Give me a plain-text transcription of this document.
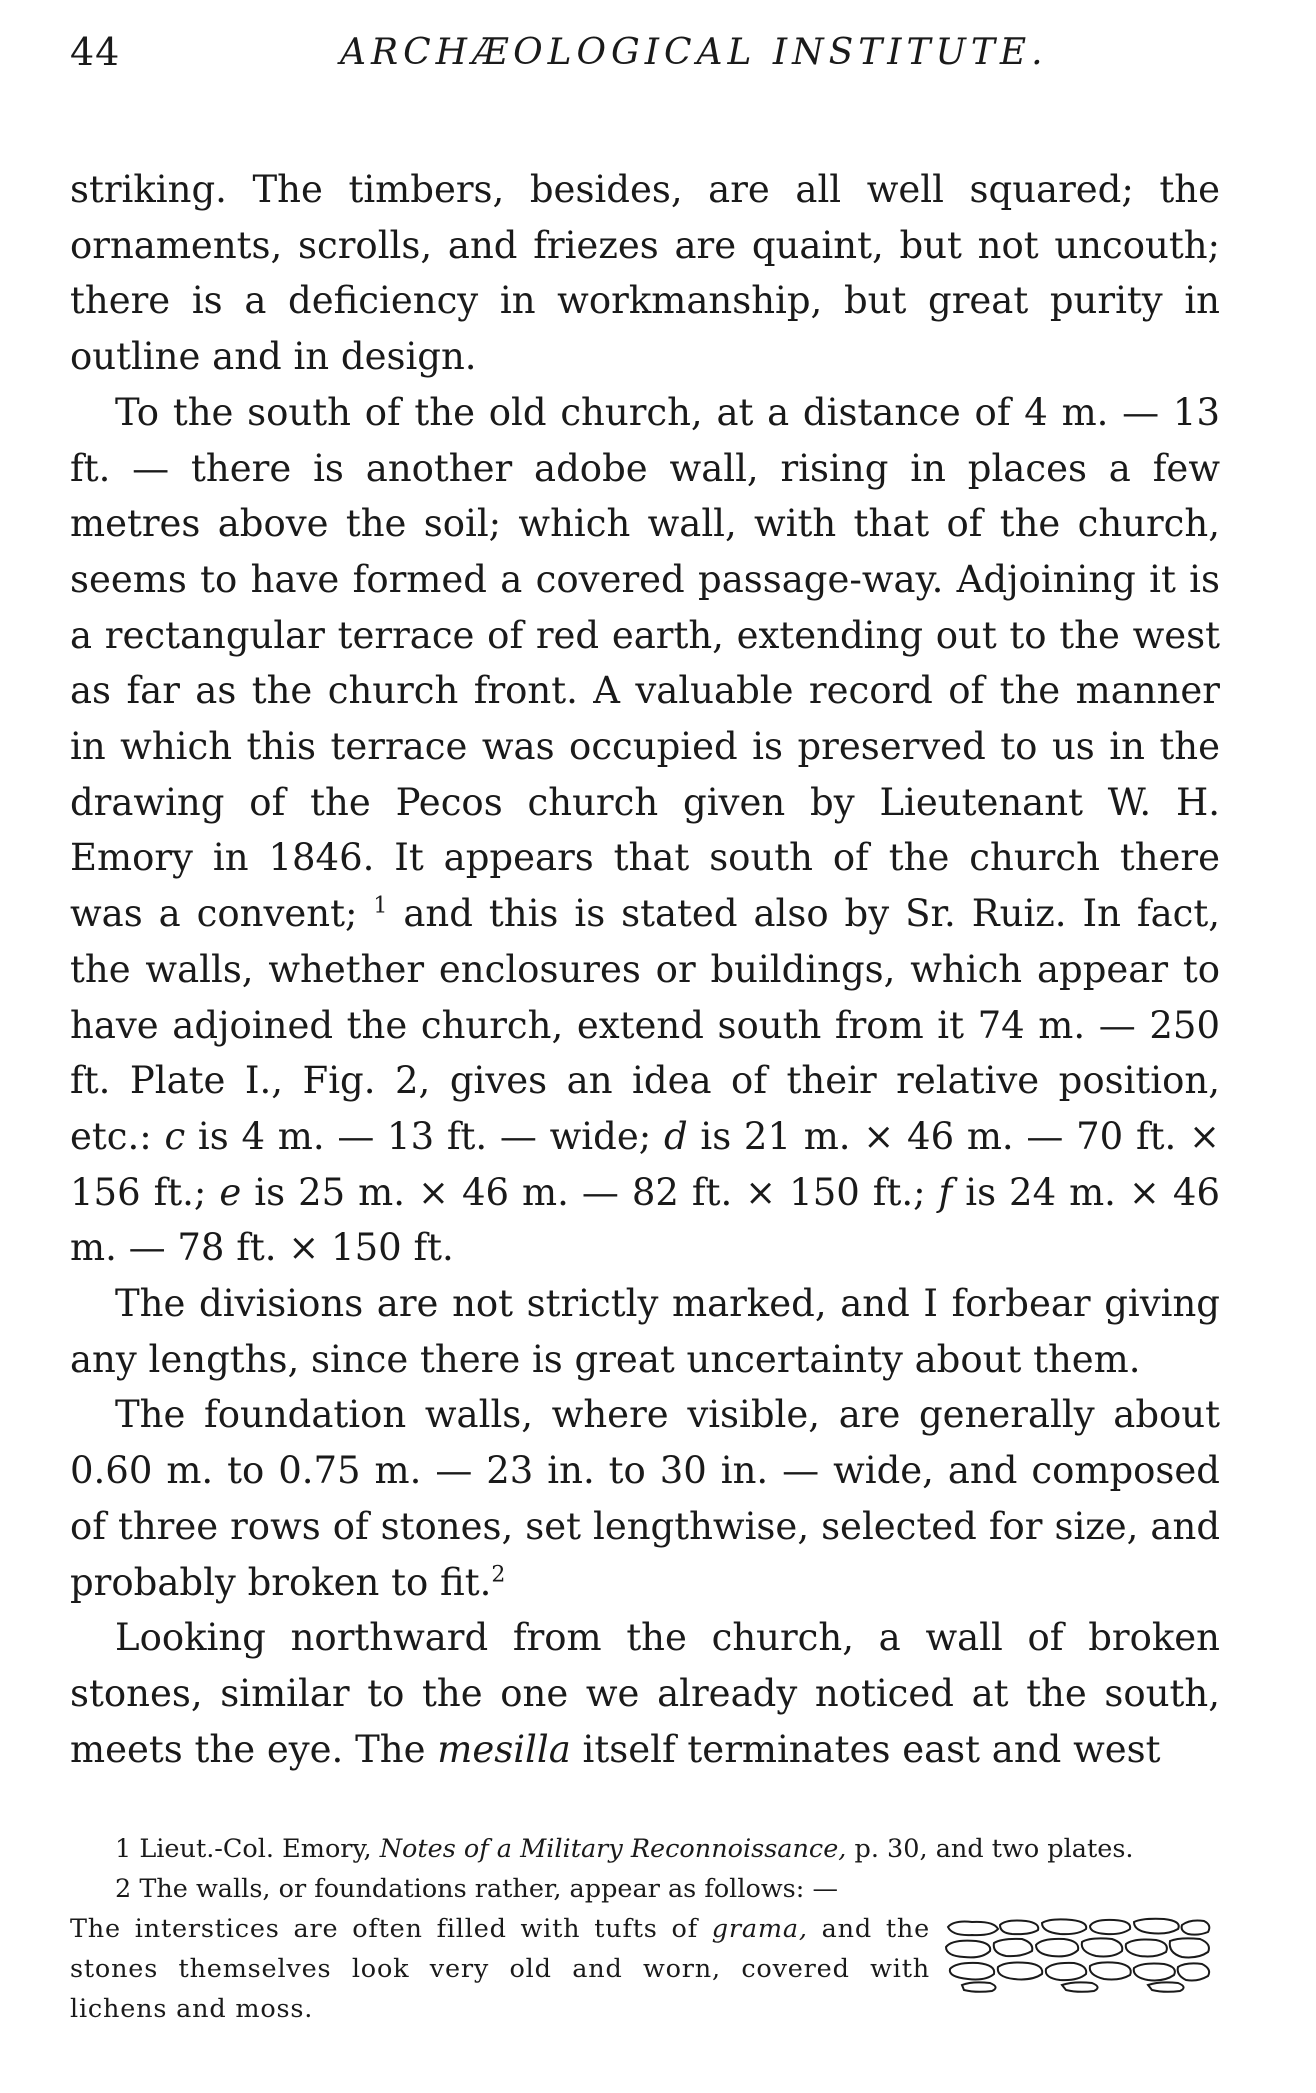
44	ARCHÆOLOGICAL INSTITUTE.

striking. The timbers, besides, are all well squared; the ornaments, scrolls, and friezes are quaint, but not uncouth; there is a deficiency in workmanship, but great purity in outline and in design.

To the south of the old church, at a distance of 4 m. — 13 ft. — there is another adobe wall, rising in places a few metres above the soil; which wall, with that of the church, seems to have formed a covered passage-way. Adjoining it is a rectangular terrace of red earth, extending out to the west as far as the church front. A valuable record of the manner in which this terrace was occupied is preserved to us in the drawing of the Pecos church given by Lieutenant W. H. Emory in 1846. It appears that south of the church there was a convent; $^1$ and this is stated also by Sr. Ruiz. In fact, the walls, whether enclosures or buildings, which appear to have adjoined the church, extend south from it 74 m. — 250 ft. Plate I., Fig. 2, gives an idea of their relative position, etc.: c is 4 m. — 13 ft. — wide; d is 21 m. × 46 m. — 70 ft. × 156 ft.; e is 25 m. × 46 m. — 82 ft. × 150 ft.; f is 24 m. × 46 m. — 78 ft. × 150 ft.

The divisions are not strictly marked, and I forbear giving any lengths, since there is great uncertainty about them.

The foundation walls, where visible, are generally about 0.60 m. to 0.75 m. — 23 in. to 30 in. — wide, and composed of three rows of stones, set lengthwise, selected for size, and probably broken to fit.$^2$

Looking northward from the church, a wall of broken stones, similar to the one we already noticed at the south, meets the eye. The mesilla itself terminates east and west

1 Lieut.-Col. Emory, Notes of a Military Reconnoissance, p. 30, and two plates.

2 The walls, or foundations rather, appear as follows: —

The interstices are often filled with tufts of grama, and the stones themselves look very old and worn, covered with lichens and moss.
